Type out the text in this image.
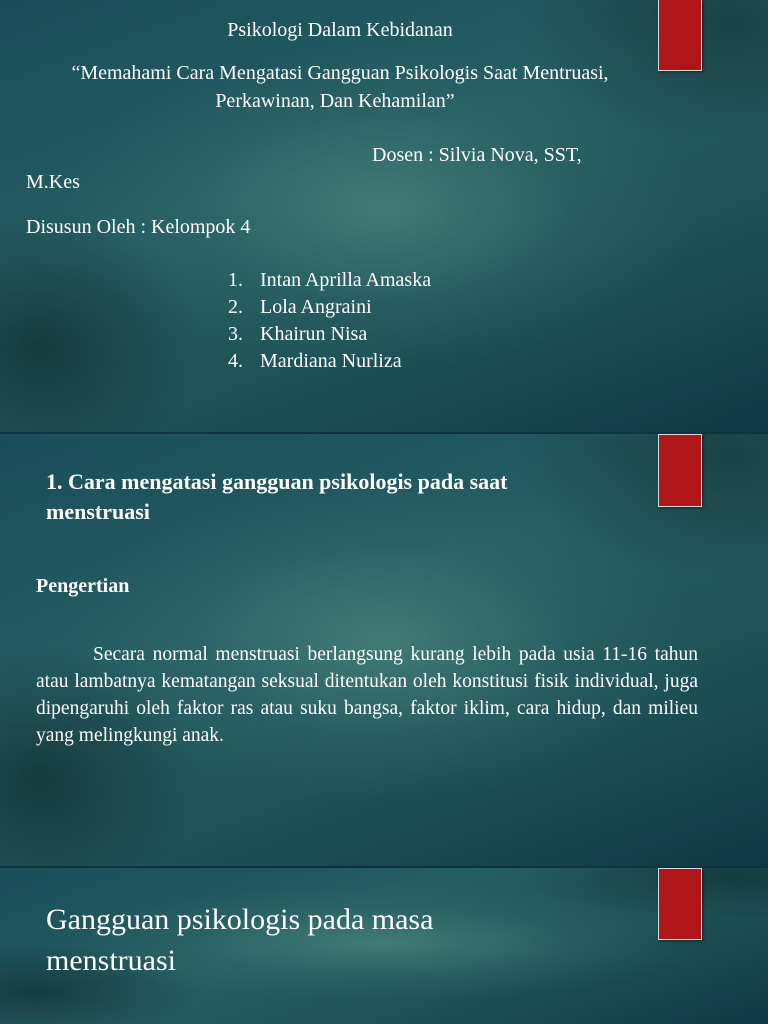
Psikologi Dalam Kebidanan
“Memahami Cara Mengatasi Gangguan Psikologis Saat Mentruasi,
Perkawinan, Dan Kehamilan”
Dosen : Silvia Nova, SST,
M.Kes
Disusun Oleh : Kelompok 4
1. Intan Aprilla Amaska
2. Lola Angraini
3. Khairun Nisa
4. Mardiana Nurliza
1. Cara mengatasi gangguan psikologis pada saat
menstruasi
Pengertian
Secara normal menstruasi berlangsung kurang lebih pada usia 11-16 tahun atau lambatnya kematangan seksual ditentukan oleh konstitusi fisik individual, juga dipengaruhi oleh faktor ras atau suku bangsa, faktor iklim, cara hidup, dan milieu yang melingkungi anak.
Gangguan psikologis pada masa
menstruasi
